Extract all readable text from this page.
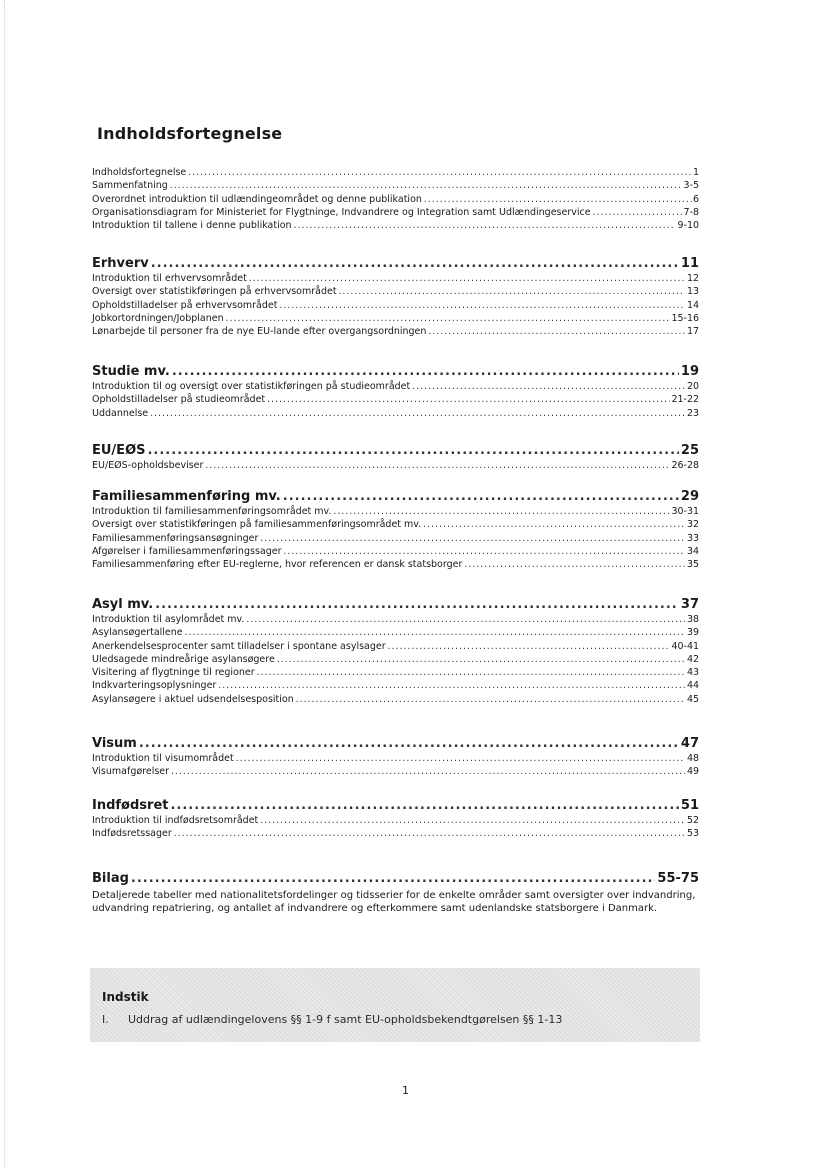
Indholdsfortegnelse
Indholdsfortegnelse .....	1
Sammenfatning .....	3-5
Overordnet introduktion til udlændingeområdet og denne publikation .....	6
Organisationsdiagram for Ministeriet for Flygtninge, Indvandrere og Integration samt Udlændingeservice .....	7-8
Introduktion til tallene i denne publikation .....	9-10
Erhverv .....	11
Introduktion til erhvervsområdet .....	12
Oversigt over statistikføringen på erhvervsområdet .....	13
Opholdstilladelser på erhvervsområdet .....	14
Jobkortordningen/Jobplanen .....	15-16
Lønarbejde til personer fra de nye EU-lande efter overgangsordningen .....	17
Studie mv. .....	19
Introduktion til og oversigt over statistikføringen på studieområdet .....	20
Opholdstilladelser på studieområdet .....	21-22
Uddannelse .....	23
EU/EØS .....	25
EU/EØS-opholdsbeviser .....	26-28
Familiesammenføring mv. .....	29
Introduktion til familiesammenføringsområdet mv. .....	30-31
Oversigt over statistikføringen på familiesammenføringsområdet mv. .....	32
Familiesammenføringsansøgninger .....	33
Afgørelser i familiesammenføringssager .....	34
Familiesammenføring efter EU-reglerne, hvor referencen er dansk statsborger .....	35
Asyl mv. .....	37
Introduktion til asylområdet mv. .....	38
Asylansøgertallene .....	39
Anerkendelsesprocenter samt tilladelser i spontane asylsager .....	40-41
Uledsagede mindreårige asylansøgere .....	42
Visitering af flygtninge til regioner .....	43
Indkvarteringsoplysninger .....	44
Asylansøgere i aktuel udsendelsesposition .....	45
Visum .....	47
Introduktion til visumområdet .....	48
Visumafgørelser .....	49
Indfødsret .....	51
Introduktion til indfødsretsområdet .....	52
Indfødsretssager .....	53
Bilag .....	55-75
Detaljerede tabeller med nationalitetsfordelinger og tidsserier for de enkelte områder samt oversigter over indvandring, udvandring repatriering, og antallet af indvandrere og efterkommere samt udenlandske statsborgere i Danmark.
Indstik
I. Uddrag af udlændingelovens §§ 1-9 f samt EU-opholdsbekendtgørelsen §§ 1-13
1
